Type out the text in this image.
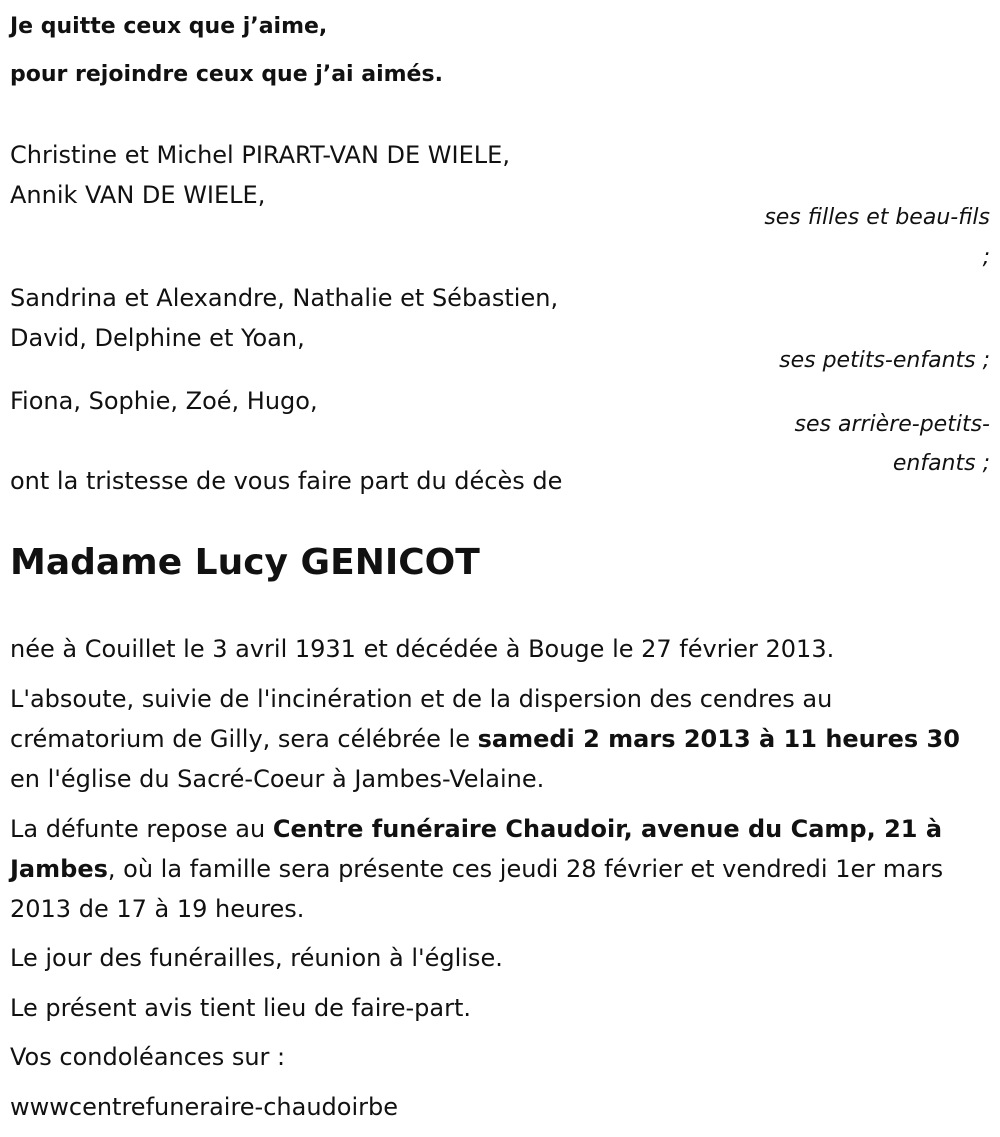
Je quitte ceux que j’aime,
pour rejoindre ceux que j’ai aimés.
Christine et Michel PIRART-VAN DE WIELE,
Annik VAN DE WIELE,
ses filles et beau-fils
;
Sandrina et Alexandre, Nathalie et Sébastien,
David, Delphine et Yoan,
ses petits-enfants ;
Fiona, Sophie, Zoé, Hugo,
ses arrière-petits-
enfants ;
ont la tristesse de vous faire part du décès de
Madame Lucy GENICOT
née à Couillet le 3 avril 1931 et décédée à Bouge le 27 février 2013.
L'absoute, suivie de l'incinération et de la dispersion des cendres au crématorium de Gilly, sera célébrée le samedi 2 mars 2013 à 11 heures 30 en l'église du Sacré-Coeur à Jambes-Velaine.
La défunte repose au Centre funéraire Chaudoir, avenue du Camp, 21 à Jambes, où la famille sera présente ces jeudi 28 février et vendredi 1er mars 2013 de 17 à 19 heures.
Le jour des funérailles, réunion à l'église.
Le présent avis tient lieu de faire-part.
Vos condoléances sur :
wwwcentrefuneraire-chaudoirbe
